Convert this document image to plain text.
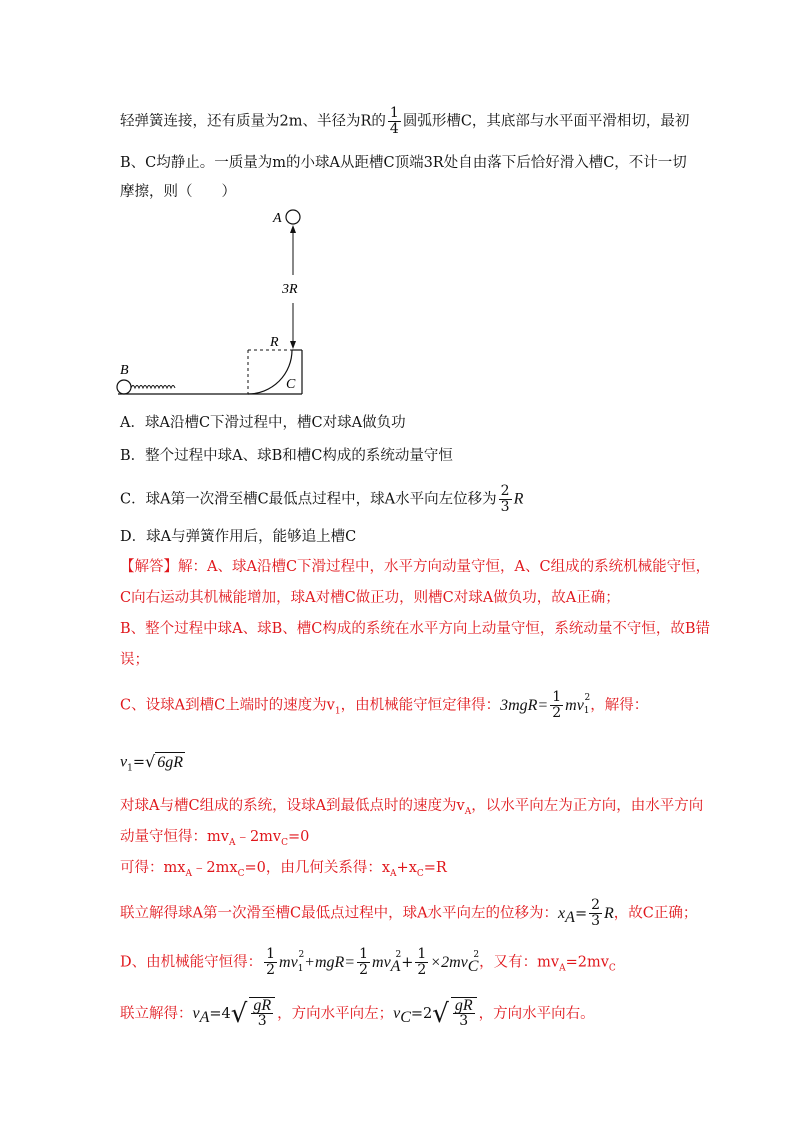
轻弹簧连接，还有质量为2m、半径为R的 $\frac{1}{4}$ 圆弧形槽C，其底部与水平面平滑相切，最初
B、C均静止。一质量为m的小球A从距槽C顶端3R处自由落下后恰好滑入槽C，不计一切
摩擦，则（　　）
A
3R
R
C
B
A．球A沿槽C下滑过程中，槽C对球A做负功
B．整个过程中球A、球B和槽C构成的系统动量守恒
C．球A第一次滑至槽C最低点过程中，球A水平向左位移为 $\frac{2}{3}$ R
D．球A与弹簧作用后，能够追上槽C
【解答】解：A、球A沿槽C下滑过程中，水平方向动量守恒，A、C组成的系统机械能守恒，
C向右运动其机械能增加，球A对槽C做正功，则槽C对球A做负功，故A正确；
B、整个过程中球A、球B、槽C构成的系统在水平方向上动量守恒，系统动量不守恒，故B错
误；
C、设球A到槽C上端时的速度为$v_1$，由机械能守恒定律得：$3mgR= \frac{1}{2} mv_1^2$，解得：
$v_1=$ √ 6gR
对球A与槽C组成的系统，设球A到最低点时的速度为$v_A$，以水平向左为正方向，由水平方向
动量守恒得：$mv_A﹣2mv_C=0$
可得：$mx_A﹣2mx_C=0$，由几何关系得：$x_A+x_C=R$
联立解得球A第一次滑至槽C最低点过程中，球A水平向左的位移为：$x_A= \frac{2}{3}$ R，故C正确；
D、由机械能守恒得： $\frac{1}{2} mv_1^2+mgR= \frac{1}{2} mv_A^2+ \frac{1}{2} \times 2mv_C^2$，又有：$mv_A=2mv_C$
联立解得：$v_A=4$ √ $\frac{gR}{3}$ ，方向水平向左；$v_C=2$ √ $\frac{gR}{3}$ ，方向水平向右。
